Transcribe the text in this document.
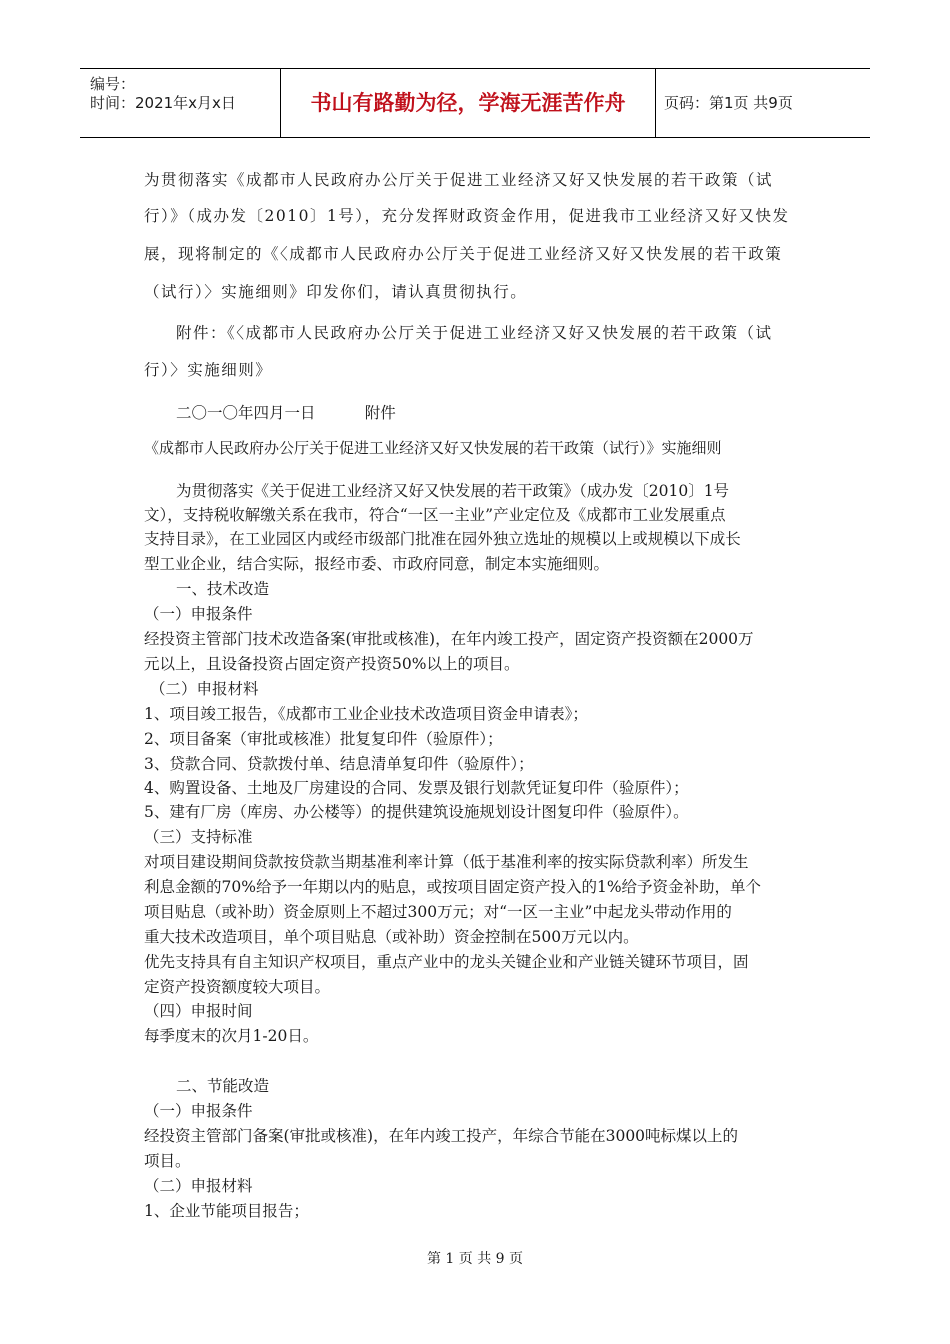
编号：
时间：2021年x月x日	书山有路勤为径，学海无涯苦作舟	页码：第1页 共9页
为贯彻落实《成都市人民政府办公厅关于促进工业经济又好又快发展的若干政策（试
行）》（成办发〔2010〕1号），充分发挥财政资金作用，促进我市工业经济又好又快发
展，现将制定的《〈成都市人民政府办公厅关于促进工业经济又好又快发展的若干政策
（试行）〉实施细则》印发你们，请认真贯彻执行。
附件：《〈成都市人民政府办公厅关于促进工业经济又好又快发展的若干政策（试
行）〉实施细则》
二〇一〇年四月一日          附件
《成都市人民政府办公厅关于促进工业经济又好又快发展的若干政策（试行）》实施细则
为贯彻落实《关于促进工业经济又好又快发展的若干政策》（成办发〔2010〕1号
文），支持税收解缴关系在我市，符合“一区一主业”产业定位及《成都市工业发展重点
支持目录》，在工业园区内或经市级部门批准在园外独立选址的规模以上或规模以下成长
型工业企业，结合实际，报经市委、市政府同意，制定本实施细则。
一、技术改造
（一）申报条件
经投资主管部门技术改造备案(审批或核准)，在年内竣工投产，固定资产投资额在2000万
元以上，且设备投资占固定资产投资50%以上的项目。
（二）申报材料
1、项目竣工报告，《成都市工业企业技术改造项目资金申请表》；
2、项目备案（审批或核准）批复复印件（验原件）；
3、贷款合同、贷款拨付单、结息清单复印件（验原件）；
4、购置设备、土地及厂房建设的合同、发票及银行划款凭证复印件（验原件）；
5、建有厂房（库房、办公楼等）的提供建筑设施规划设计图复印件（验原件）。
（三）支持标准
对项目建设期间贷款按贷款当期基准利率计算（低于基准利率的按实际贷款利率）所发生
利息金额的70%给予一年期以内的贴息，或按项目固定资产投入的1%给予资金补助，单个
项目贴息（或补助）资金原则上不超过300万元；对“一区一主业”中起龙头带动作用的
重大技术改造项目，单个项目贴息（或补助）资金控制在500万元以内。
优先支持具有自主知识产权项目，重点产业中的龙头关键企业和产业链关键环节项目，固
定资产投资额度较大项目。
（四）申报时间
每季度末的次月1-20日。
二、节能改造
（一）申报条件
经投资主管部门备案(审批或核准)，在年内竣工投产，年综合节能在3000吨标煤以上的
项目。
（二）申报材料
1、企业节能项目报告；
第 1 页 共 9 页
